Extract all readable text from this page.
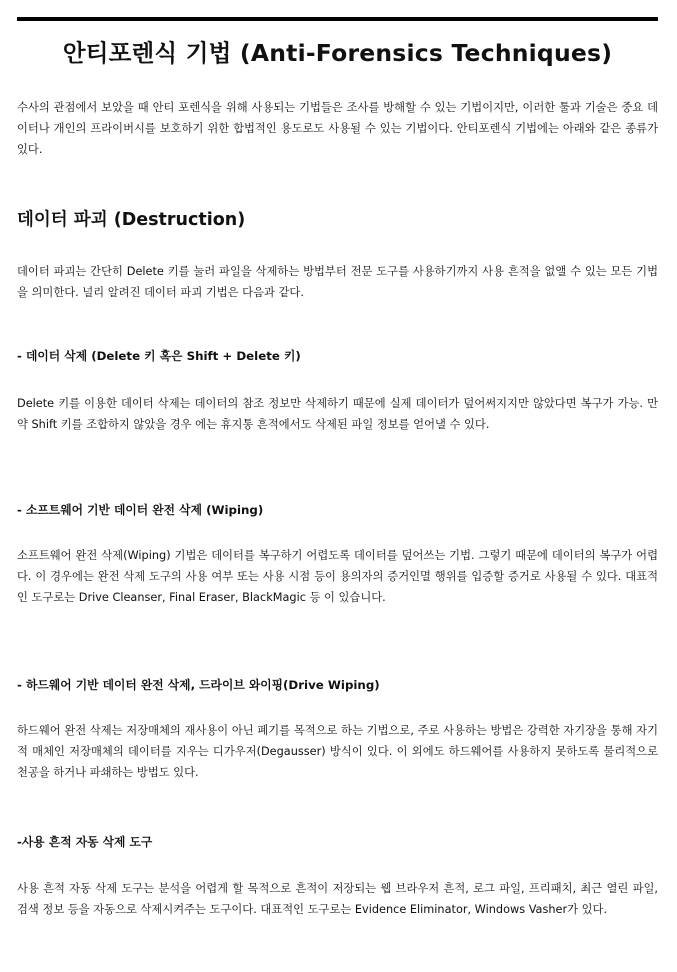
안티포렌식 기법 (Anti-Forensics Techniques)

수사의 관점에서 보았을 때 안티 포렌식을 위해 사용되는 기법들은 조사를 방해할 수 있는 기법이지만, 이러한 툴과 기술은 중요 데이터나 개인의 프라이버시를 보호하기 위한 합법적인 용도로도 사용될 수 있는 기법이다. 안티포렌식 기법에는 아래와 같은 종류가 있다.

데이터 파괴 (Destruction)

데이터 파괴는 간단히 Delete 키를 눌러 파일을 삭제하는 방법부터 전문 도구를 사용하기까지 사용 흔적을 없앨 수 있는 모든 기법을 의미한다. 널리 알려진 데이터 파괴 기법은 다음과 같다.

- 데이터 삭제 (Delete 키 혹은 Shift + Delete 키)

Delete 키를 이용한 데이터 삭제는 데이터의 참조 정보만 삭제하기 때문에 실제 데이터가 덮어써지지만 않았다면 복구가 가능. 만약 Shift 키를 조합하지 않았을 경우 에는 휴지통 흔적에서도 삭제된 파일 정보를 얻어낼 수 있다.

- 소프트웨어 기반 데이터 완전 삭제 (Wiping)

소프트웨어 완전 삭제(Wiping) 기법은 데이터를 복구하기 어렵도록 데이터를 덮어쓰는 기법. 그렇기 때문에 데이터의 복구가 어렵다. 이 경우에는 완전 삭제 도구의 사용 여부 또는 사용 시점 등이 용의자의 증거인멸 행위를 입증할 증거로 사용될 수 있다. 대표적인 도구로는 Drive Cleanser, Final Eraser, BlackMagic 등 이 있습니다.

- 하드웨어 기반 데이터 완전 삭제, 드라이브 와이핑(Drive Wiping)

하드웨어 완전 삭제는 저장매체의 재사용이 아닌 폐기를 목적으로 하는 기법으로, 주로 사용하는 방법은 강력한 자기장을 통해 자기적 매체인 저장매체의 데이터를 지우는 디가우저(Degausser) 방식이 있다. 이 외에도 하드웨어를 사용하지 못하도록 물리적으로 천공을 하거나 파쇄하는 방법도 있다.

-사용 흔적 자동 삭제 도구

사용 흔적 자동 삭제 도구는 분석을 어렵게 할 목적으로 흔적이 저장되는 웹 브라우저 흔적, 로그 파일, 프리패치, 최근 열린 파일, 검색 정보 등을 자동으로 삭제시켜주는 도구이다. 대표적인 도구로는 Evidence Eliminator, Windows Vasher가 있다.
